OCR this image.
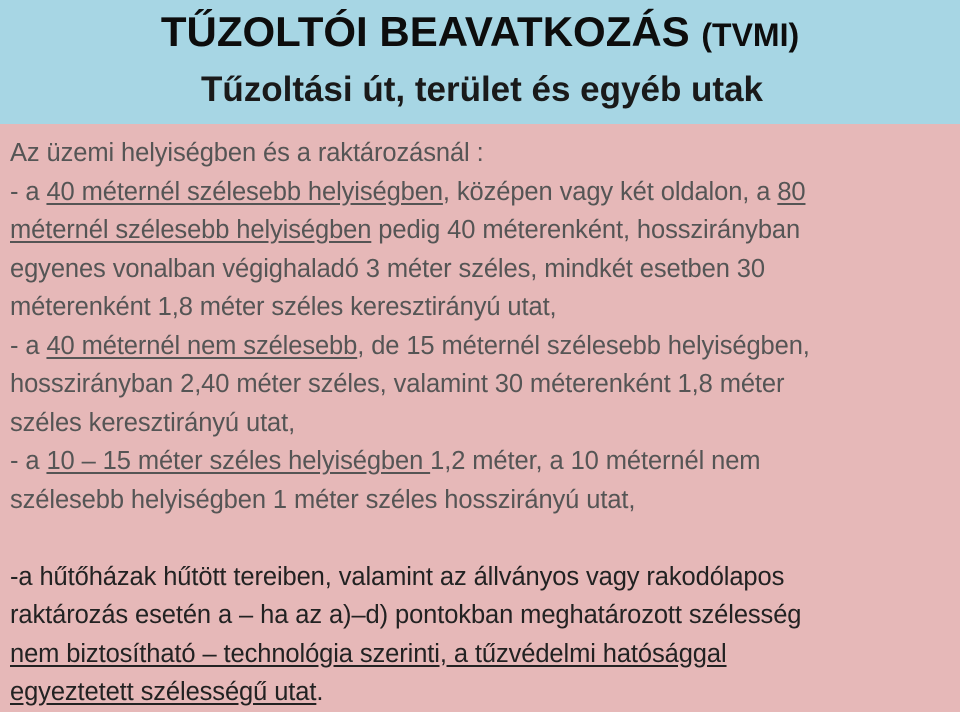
TŰZOLTÓI BEAVATKOZÁS (TVMI)
Tűzoltási út, terület és egyéb utak
Az üzemi helyiségben és a raktározásnál :
- a 40 méternél szélesebb helyiségben, középen vagy két oldalon, a 80
méternél szélesebb helyiségben pedig 40 méterenként, hosszirányban
egyenes vonalban végighaladó 3 méter széles, mindkét esetben 30
méterenként 1,8 méter széles keresztirányú utat,
- a 40 méternél nem szélesebb, de 15 méternél szélesebb helyiségben,
hosszirányban 2,40 méter széles, valamint 30 méterenként 1,8 méter
széles keresztirányú utat,
- a 10 – 15 méter széles helyiségben 1,2 méter, a 10 méternél nem
szélesebb helyiségben 1 méter széles hosszirányú utat,
-a hűtőházak hűtött tereiben, valamint az állványos vagy rakodólapos
raktározás esetén a – ha az a)–d) pontokban meghatározott szélesség
nem biztosítható – technológia szerinti, a tűzvédelmi hatósággal
egyeztetett szélességű utat.
